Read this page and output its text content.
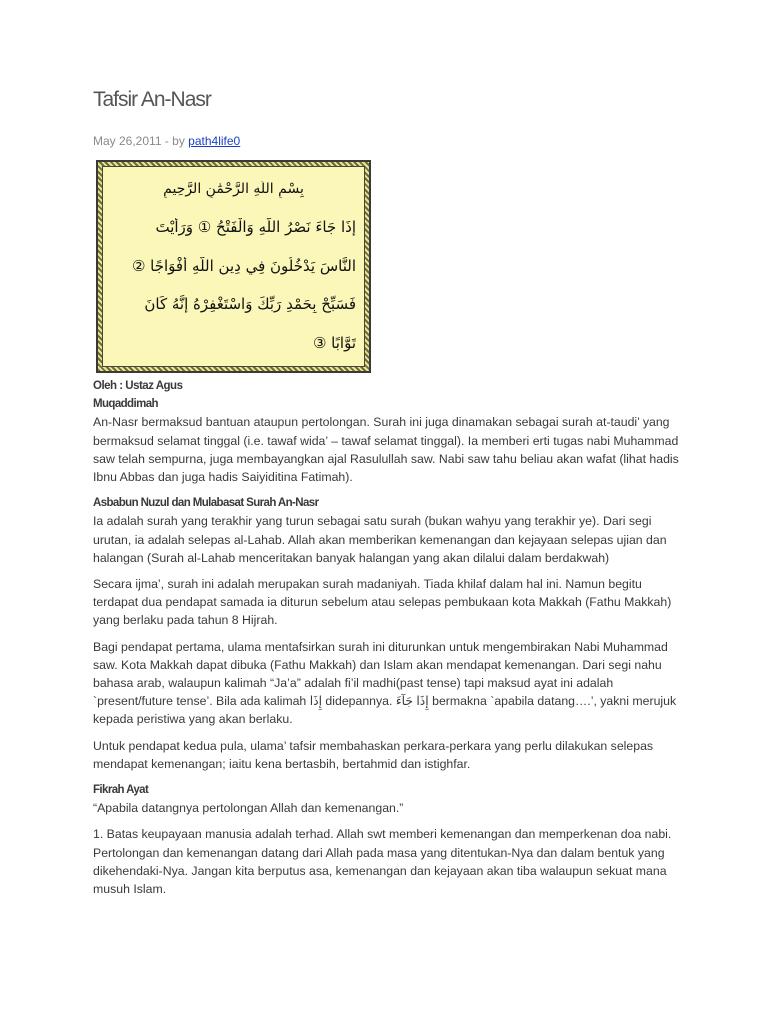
Tafsir An-Nasr
May 26,2011 - by path4life0
بِسْمِ اللَّهِ الرَّحْمَٰنِ الرَّحِيمِ
إِذَا جَاءَ نَصْرُ اللَّهِ وَالْفَتْحُ ① وَرَأَيْتَ
النَّاسَ يَدْخُلُونَ فِي دِينِ اللَّهِ أَفْوَاجًا ②
فَسَبِّحْ بِحَمْدِ رَبِّكَ وَاسْتَغْفِرْهُ إِنَّهُ كَانَ
تَوَّابًا ③
Oleh : Ustaz Agus
Muqaddimah

An-Nasr bermaksud bantuan ataupun pertolongan. Surah ini juga dinamakan sebagai surah at-taudi’ yang bermaksud selamat tinggal (i.e. tawaf wida’ – tawaf selamat tinggal). Ia memberi erti tugas nabi Muhammad saw telah sempurna, juga membayangkan ajal Rasulullah saw. Nabi saw tahu beliau akan wafat (lihat hadis Ibnu Abbas dan juga hadis Saiyiditina Fatimah).

Asbabun Nuzul dan Mulabasat Surah An-Nasr

Ia adalah surah yang terakhir yang turun sebagai satu surah (bukan wahyu yang terakhir ye). Dari segi urutan, ia adalah selepas al-Lahab. Allah akan memberikan kemenangan dan kejayaan selepas ujian dan halangan (Surah al-Lahab menceritakan banyak halangan yang akan dilalui dalam berdakwah)

Secara ijma’, surah ini adalah merupakan surah madaniyah. Tiada khilaf dalam hal ini. Namun begitu terdapat dua pendapat samada ia diturun sebelum atau selepas pembukaan kota Makkah (Fathu Makkah) yang berlaku pada tahun 8 Hijrah.

Bagi pendapat pertama, ulama mentafsirkan surah ini diturunkan untuk mengembirakan Nabi Muhammad saw. Kota Makkah dapat dibuka (Fathu Makkah) dan Islam akan mendapat kemenangan. Dari segi nahu bahasa arab, walaupun kalimah “Ja’a” adalah fi’il madhi(past tense) tapi maksud ayat ini adalah `present/future tense’. Bila ada kalimah إِذَا didepannya. إِذَا جَآءَ bermakna `apabila datang….’, yakni merujuk kepada peristiwa yang akan berlaku.

Untuk pendapat kedua pula, ulama’ tafsir membahaskan perkara-perkara yang perlu dilakukan selepas mendapat kemenangan; iaitu kena bertasbih, bertahmid dan istighfar.

Fikrah Ayat

“Apabila datangnya pertolongan Allah dan kemenangan.”

1. Batas keupayaan manusia adalah terhad. Allah swt memberi kemenangan dan memperkenan doa nabi. Pertolongan dan kemenangan datang dari Allah pada masa yang ditentukan-Nya dan dalam bentuk yang dikehendaki-Nya. Jangan kita berputus asa, kemenangan dan kejayaan akan tiba walaupun sekuat mana musuh Islam.
